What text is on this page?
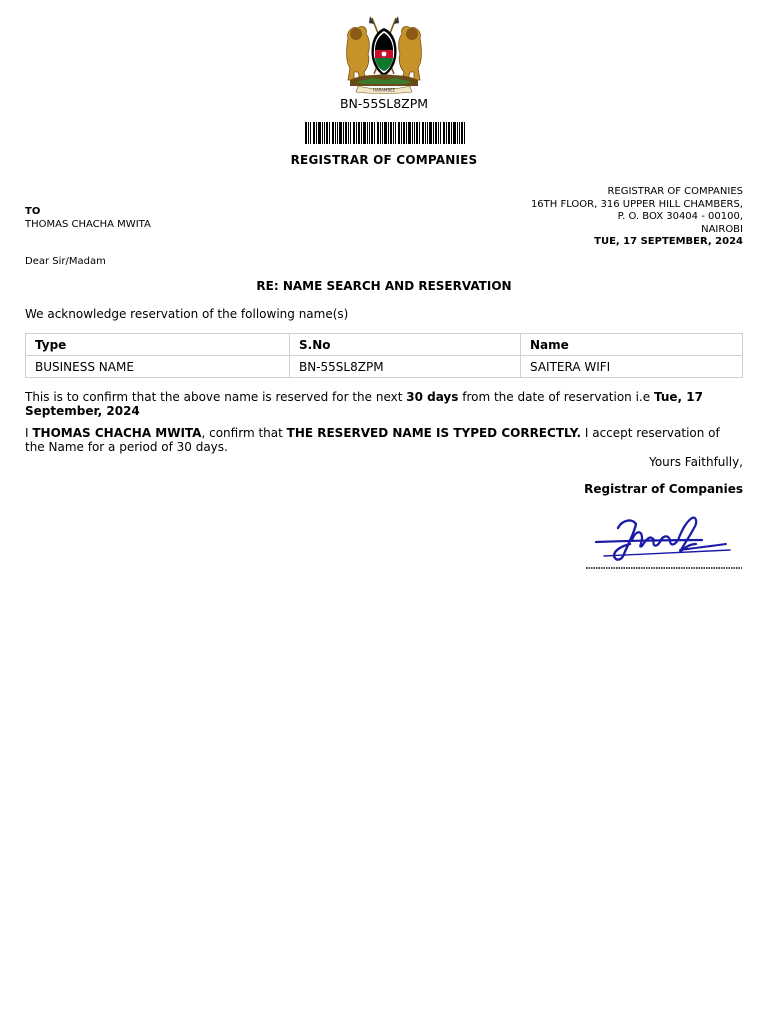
HARAMBEE
BN-55SL8ZPM
REGISTRAR OF COMPANIES
TO
THOMAS CHACHA MWITA
REGISTRAR OF COMPANIES
16TH FLOOR, 316 UPPER HILL CHAMBERS,
P. O. BOX 30404 - 00100,
NAIROBI
TUE, 17 SEPTEMBER, 2024
Dear Sir/Madam
RE: NAME SEARCH AND RESERVATION
We acknowledge reservation of the following name(s)
Type	S.No	Name
BUSINESS NAME	BN-55SL8ZPM	SAITERA WIFI
This is to confirm that the above name is reserved for the next 30 days from the date of reservation i.e Tue, 17 September, 2024
I THOMAS CHACHA MWITA, confirm that THE RESERVED NAME IS TYPED CORRECTLY. I accept reservation of the Name for a period of 30 days.
Yours Faithfully,
Registrar of Companies
